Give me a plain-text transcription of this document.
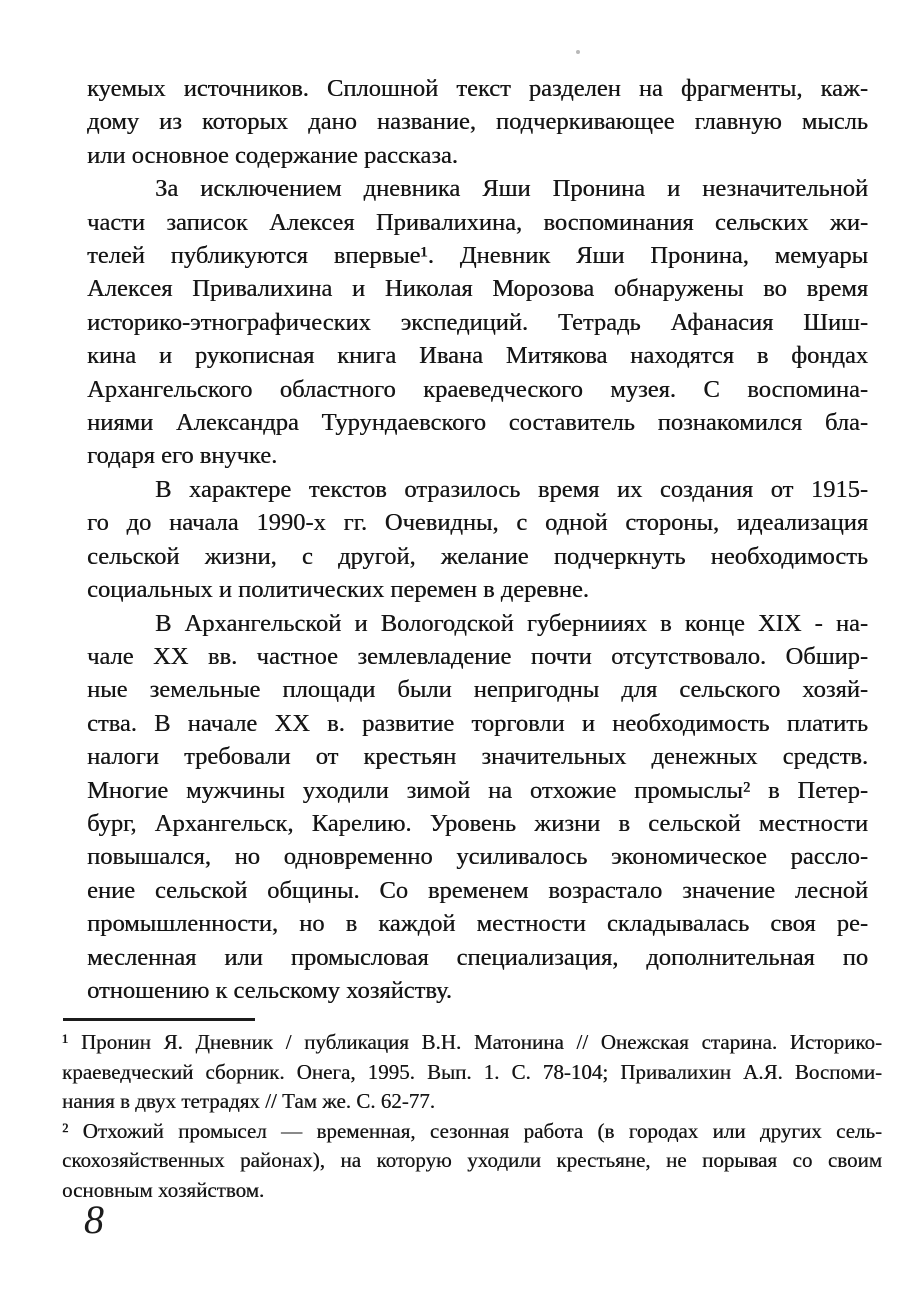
куемых источников. Сплошной текст разделен на фрагменты, каж-
дому из которых дано название, подчеркивающее главную мысль
или основное содержание рассказа.
За исключением дневника Яши Пронина и незначительной
части записок Алексея Привалихина, воспоминания сельских жи-
телей публикуются впервые¹. Дневник Яши Пронина, мемуары
Алексея Привалихина и Николая Морозова обнаружены во время
историко-этнографических экспедиций. Тетрадь Афанасия Шиш-
кина и рукописная книга Ивана Митякова находятся в фондах
Архангельского областного краеведческого музея. С воспомина-
ниями Александра Турундаевского составитель познакомился бла-
годаря его внучке.
В характере текстов отразилось время их создания от 1915-
го до начала 1990-х гг. Очевидны, с одной стороны, идеализация
сельской жизни, с другой, желание подчеркнуть необходимость
социальных и политических перемен в деревне.
В Архангельской и Вологодской губернииях в конце XIX - на-
чале XX вв. частное землевладение почти отсутствовало. Обшир-
ные земельные площади были непригодны для сельского хозяй-
ства. В начале XX в. развитие торговли и необходимость платить
налоги требовали от крестьян значительных денежных средств.
Многие мужчины уходили зимой на отхожие промыслы² в Петер-
бург, Архангельск, Карелию. Уровень жизни в сельской местности
повышался, но одновременно усиливалось экономическое рассло-
ение сельской общины. Со временем возрастало значение лесной
промышленности, но в каждой местности складывалась своя ре-
месленная или промысловая специализация, дополнительная по
отношению к сельскому хозяйству.
¹ Пронин Я. Дневник / публикация В.Н. Матонина // Онежская старина. Историко-
краеведческий сборник. Онега, 1995. Вып. 1. С. 78-104; Привалихин А.Я. Воспоми-
нания в двух тетрадях // Там же. С. 62-77.
² Отхожий промысел — временная, сезонная работа (в городах или других сель-
скохозяйственных районах), на которую уходили крестьяне, не порывая со своим
основным хозяйством.
8
